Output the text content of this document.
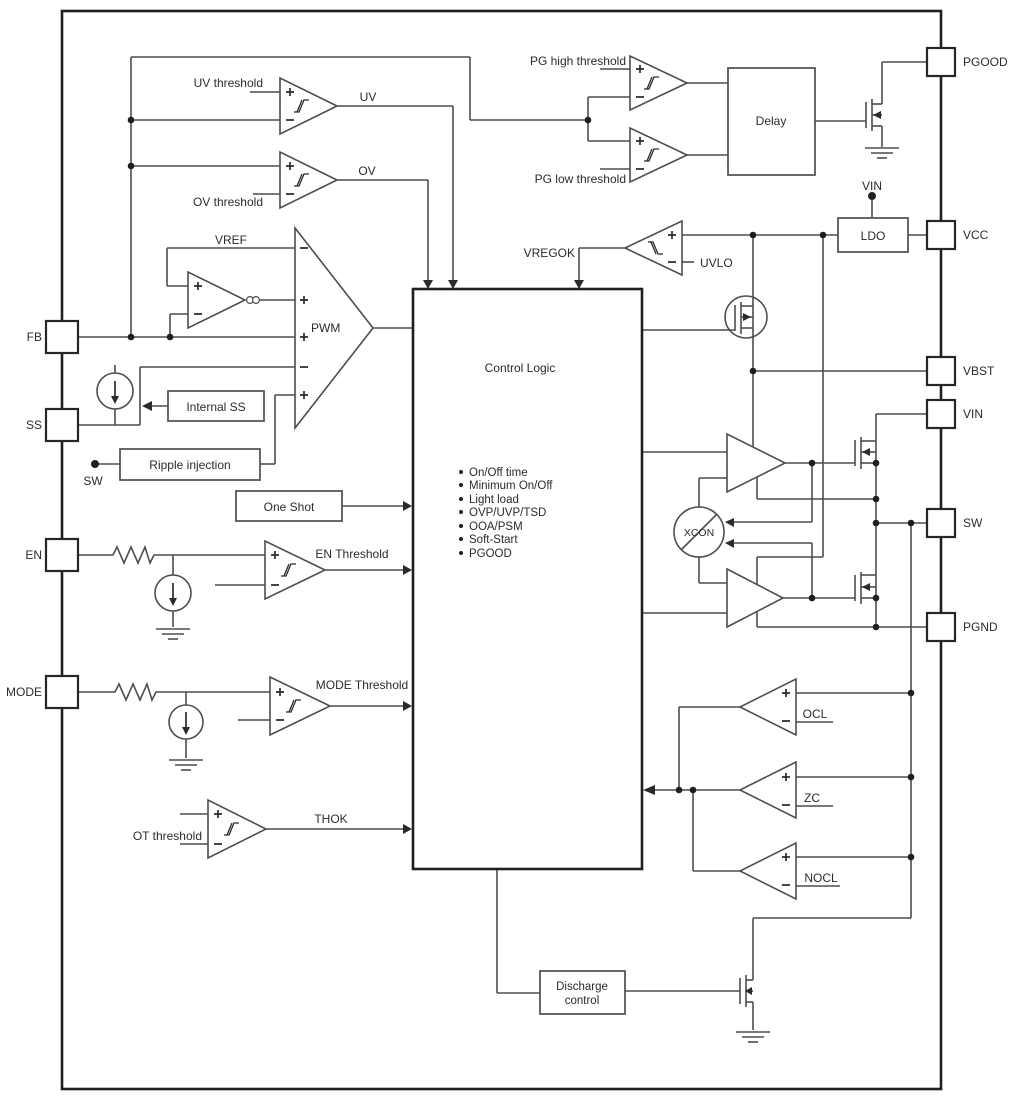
XCON
Delay
LDO
Internal SS
Ripple injection
One Shot
Discharge
control
Control Logic
On/Off time
Minimum On/Off
Light load
OVP/UVP/TSD
OOA/PSM
Soft-Start
PGOOD
FB
SS
EN
MODE
PGOOD
VCC
VBST
VIN
SW
PGND
UV threshold
OV threshold
UV
OV
PG high threshold
PG low threshold
VREF
PWM
VREGOK
UVLO
VIN
SW
EN Threshold
MODE Threshold
OT threshold
THOK
OCL
ZC
NOCL
